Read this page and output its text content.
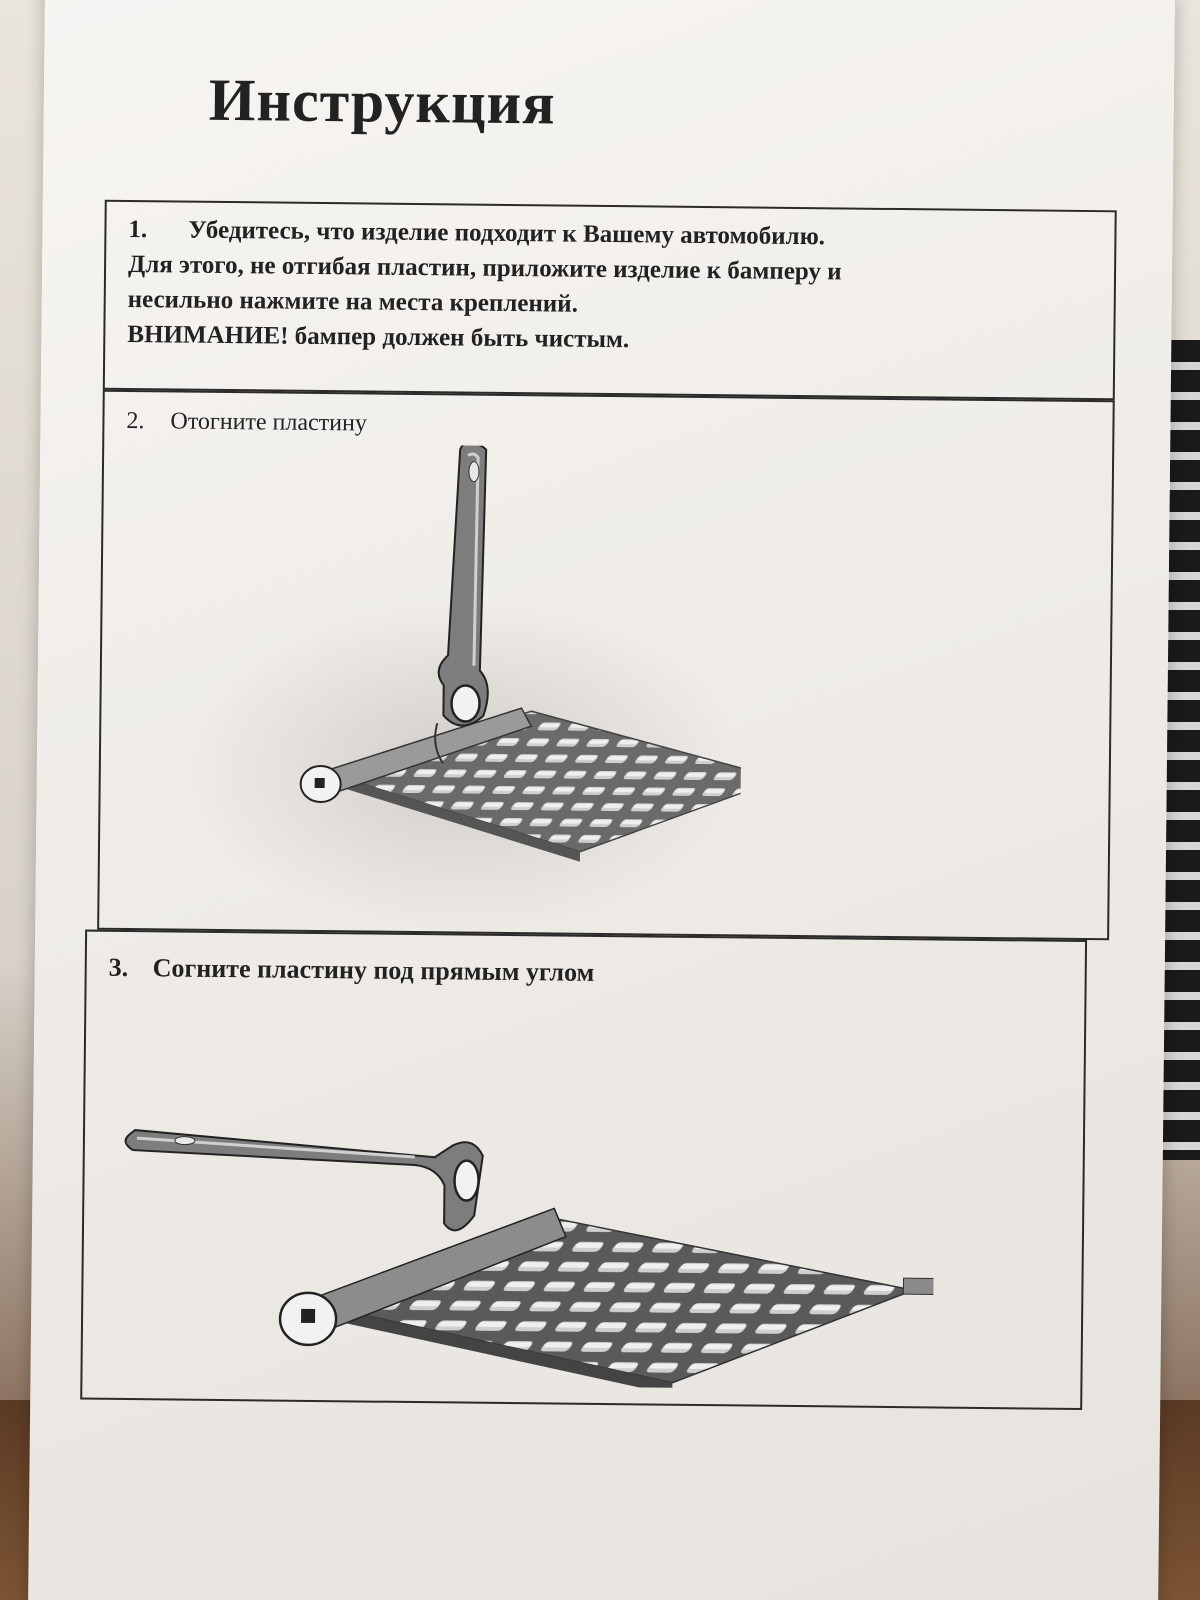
Инструкция
1. Убедитесь, что изделие подходит к Вашему автомобилю.
Для этого, не отгибая пластин, приложите изделие к бамперу и
несильно нажмите на места креплений.
ВНИМАНИЕ! бампер должен быть чистым.
2. Отогните пластину
3. Согните пластину под прямым углом
